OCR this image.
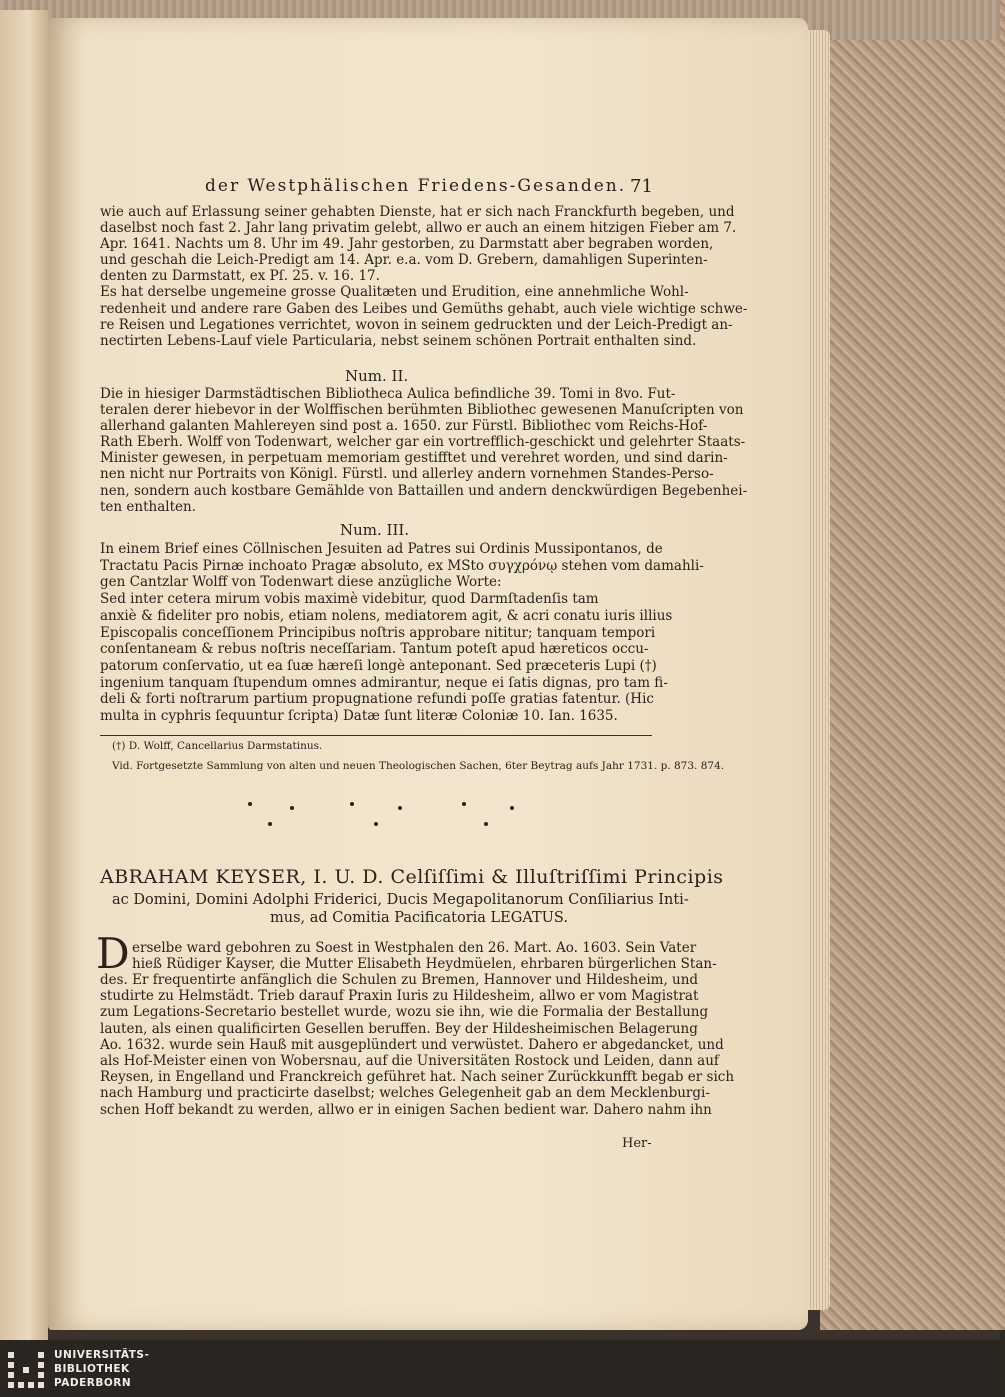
der Westphälischen Friedens-Gesanden. 71
wie auch auf Erlassung seiner gehabten Dienste, hat er sich nach Franckfurth begeben, und
daselbst noch fast 2. Jahr lang privatim gelebt, allwo er auch an einem hitzigen Fieber am 7.
Apr. 1641. Nachts um 8. Uhr im 49. Jahr gestorben, zu Darmstatt aber begraben worden,
und geschah die Leich-Predigt am 14. Apr. e.a. vom D. Grebern, damahligen Superinten-
denten zu Darmstatt, ex Pſ. 25. v. 16. 17.
Es hat derselbe ungemeine grosse Qualitæten und Erudition, eine annehmliche Wohl-
redenheit und andere rare Gaben des Leibes und Gemüths gehabt, auch viele wichtige schwe-
re Reisen und Legationes verrichtet, wovon in seinem gedruckten und der Leich-Predigt an-
nectirten Lebens-Lauf viele Particularia, nebst seinem schönen Portrait enthalten sind.
Num. II.
Die in hiesiger Darmstädtischen Bibliotheca Aulica befindliche 39. Tomi in 8vo. Fut-
teralen derer hiebevor in der Wolffischen berühmten Bibliothec gewesenen Manuſcripten von
allerhand galanten Mahlereyen sind post a. 1650. zur Fürstl. Bibliothec vom Reichs-Hof-
Rath Eberh. Wolff von Todenwart, welcher gar ein vortrefflich-geschickt und gelehrter Staats-
Minister gewesen, in perpetuam memoriam gestifftet und verehret worden, und sind darin-
nen nicht nur Portraits von Königl. Fürstl. und allerley andern vornehmen Standes-Perso-
nen, sondern auch kostbare Gemählde von Battaillen und andern denckwürdigen Begebenhei-
ten enthalten.
Num. III.
In einem Brief eines Cöllnischen Jesuiten ad Patres sui Ordinis Mussipontanos, de
Tractatu Pacis Pirnæ inchoato Pragæ absoluto, ex MSto συγχρόνῳ stehen vom damahli-
gen Cantzlar Wolff von Todenwart diese anzügliche Worte:
Sed inter cetera mirum vobis maximè videbitur, quod Darmſtadenſis tam
anxiè & fideliter pro nobis, etiam nolens, mediatorem agit, & acri conatu iuris illius
Episcopalis conceſſionem Principibus noſtris approbare nititur; tanquam tempori
conſentaneam & rebus noſtris neceſſariam. Tantum poteſt apud hæreticos occu-
patorum conſervatio, ut ea ſuæ hæreſi longè anteponant. Sed præceteris Lupi (†)
ingenium tanquam ſtupendum omnes admirantur, neque ei ſatis dignas, pro tam fi-
deli & forti noſtrarum partium propugnatione refundi poſſe gratias fatentur. (Hic
multa in cyphris ſequuntur ſcripta) Datæ ſunt literæ Coloniæ 10. Ian. 1635.
(†) D. Wolff, Cancellarius Darmstatinus.
Vid. Fortgesetzte Sammlung von alten und neuen Theologischen Sachen, 6ter Beytrag aufs Jahr 1731. p. 873. 874.
ABRAHAM KEYSER, I. U. D. Celſiſſimi & Illuſtriſſimi Principis
ac Domini, Domini Adolphi Friderici, Ducis Megapolitanorum Conſiliarius Inti-
mus, ad Comitia Pacificatoria LEGATUS.
D erselbe ward gebohren zu Soest in Westphalen den 26. Mart. Ao. 1603. Sein Vater
hieß Rüdiger Kayser, die Mutter Elisabeth Heydmüelen, ehrbaren bürgerlichen Stan-
des. Er frequentirte anfänglich die Schulen zu Bremen, Hannover und Hildesheim, und
studirte zu Helmstädt. Trieb darauf Praxin Iuris zu Hildesheim, allwo er vom Magistrat
zum Legations-Secretario bestellet wurde, wozu sie ihn, wie die Formalia der Bestallung
lauten, als einen qualificirten Gesellen beruffen. Bey der Hildesheimischen Belagerung
Ao. 1632. wurde sein Hauß mit ausgeplündert und verwüstet. Dahero er abgedancket, und
als Hof-Meister einen von Wobersnau, auf die Universitäten Rostock und Leiden, dann auf
Reysen, in Engelland und Franckreich geführet hat. Nach seiner Zurückkunfft begab er sich
nach Hamburg und practicirte daselbst; welches Gelegenheit gab an dem Mecklenburgi-
schen Hoff bekandt zu werden, allwo er in einigen Sachen bedient war. Dahero nahm ihn
Her-
UNIVERSITÄTS-
BIBLIOTHEK
PADERBORN
